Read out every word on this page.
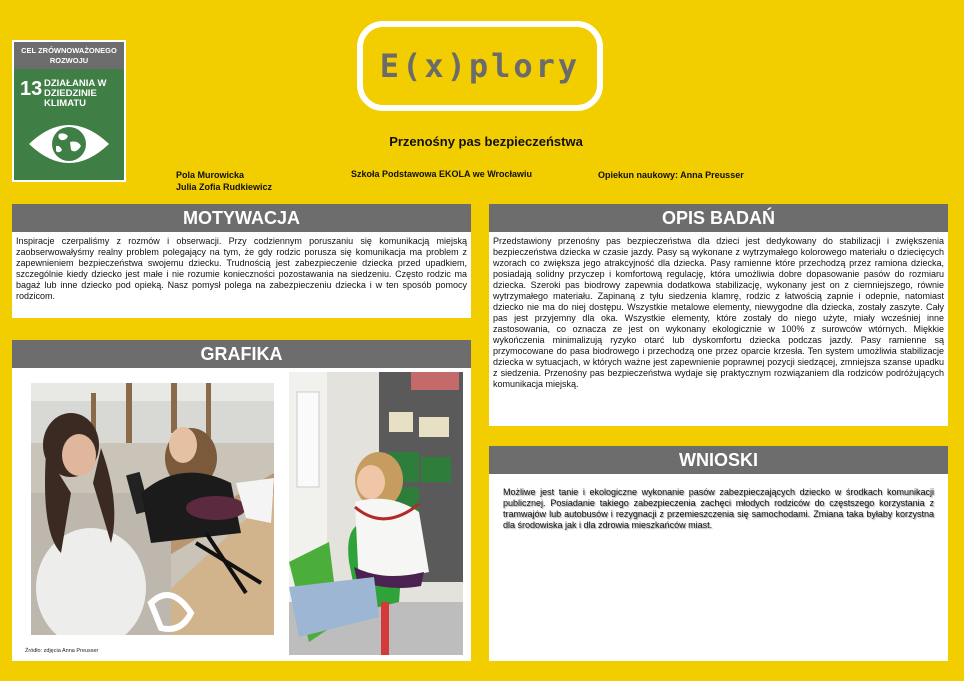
CEL ZRÓWNOWAŻONEGO ROZWOJU
13 DZIAŁANIA W DZIEDZINIE KLIMATU
E(x)plory
Przenośny pas bezpieczeństwa
Pola Murowicka
Julia Zofia Rudkiewicz
Szkoła Podstawowa EKOLA we Wrocławiu	Opiekun naukowy: Anna Preusser
MOTYWACJA
Inspiracje czerpaliśmy z rozmów i obserwacji. Przy codziennym poruszaniu się komunikacją miejską zaobserwowałyśmy realny problem polegający na tym, że gdy rodzic porusza się komunikacja ma problem z zapewnieniem bezpieczeństwa swojemu dziecku. Trudnością jest zabezpieczenie dziecka przed upadkiem, szczególnie kiedy dziecko jest małe i nie rozumie konieczności pozostawania na siedzeniu. Często rodzic ma bagaż lub inne dziecko pod opieką. Nasz pomysł polega na zabezpieczeniu dziecka i w ten sposób pomocy rodzicom.
OPIS BADAŃ
Przedstawiony przenośny pas bezpieczeństwa dla dzieci jest dedykowany do stabilizacji i zwiększenia bezpieczeństwa dziecka w czasie jazdy. Pasy są wykonane z wytrzymałego kolorowego materiału o dziecięcych wzorach co zwiększa jego atrakcyjność dla dziecka. Pasy ramienne które przechodzą przez ramiona dziecka, posiadają solidny przyczep i komfortową regulację, która umożliwia dobre dopasowanie pasów do rozmiaru dziecka. Szeroki pas biodrowy zapewnia dodatkowa stabilizację, wykonany jest on z ciemniejszego, równie wytrzymałego materiału. Zapinaną z tyłu siedzenia klamrę, rodzic z łatwością zapnie i odepnie, natomiast dziecko nie ma do niej dostępu. Wszystkie metalowe elementy, niewygodne dla dziecka, zostały zaszyte. Cały pas jest przyjemny dla oka. Wszystkie elementy, które zostały do niego użyte, miały wcześniej inne zastosowania, co oznacza ze jest on wykonany ekologicznie w 100% z surowców wtórnych. Miękkie wykończenia minimalizują ryzyko otarć lub dyskomfortu dziecka podczas jazdy. Pasy ramienne są przymocowane do pasa biodrowego i przechodzą one przez oparcie krzesła. Ten system umożliwia stabilizacje dziecka w sytuacjach, w których ważne jest zapewnienie poprawnej pozycji siedzącej, zmniejsza szanse upadku z siedzenia. Przenośny pas bezpieczeństwa wydaje się praktycznym rozwiązaniem dla rodziców podróżujących komunikacja miejską.
GRAFIKA
Źródło: zdjęcia Anna Preusser
WNIOSKI
Możliwe jest tanie i ekologiczne wykonanie pasów zabezpieczających dziecko w środkach komunikacji publicznej. Posiadanie takiego zabezpieczenia zachęci młodych rodziców do częstszego korzystania z tramwajów lub autobusów i rezygnacji z przemieszczenia się samochodami. Zmiana taka byłaby korzystna dla środowiska jak i dla zdrowia mieszkańców miast.
